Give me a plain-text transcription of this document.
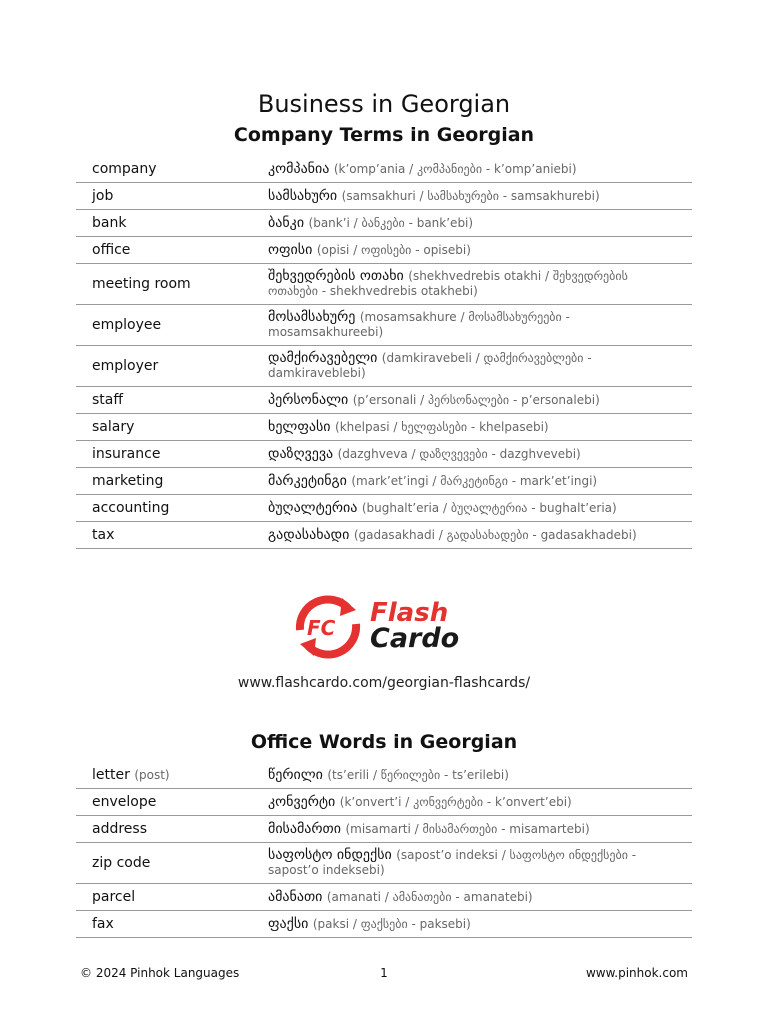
Business in Georgian
Company Terms in Georgian
company	კომპანია (k’omp’ania / კომპანიები - k’omp’aniebi)
job	სამსახური (samsakhuri / სამსახურები - samsakhurebi)
bank	ბანკი (bank’i / ბანკები - bank’ebi)
office	ოფისი (opisi / ოფისები - opisebi)
meeting room	შეხვედრების ოთახი (shekhvedrebis otakhi / შეხვედრების ოთახები - shekhvedrebis otakhebi)
employee	მოსამსახურე (mosamsakhure / მოსამსახურეები - mosamsakhureebi)
employer	დამქირავებელი (damkiravebeli / დამქირავებლები - damkiraveblebi)
staff	პერსონალი (p’ersonali / პერსონალები - p’ersonalebi)
salary	ხელფასი (khelpasi / ხელფასები - khelpasebi)
insurance	დაზღვევა (dazghveva / დაზღვევები - dazghvevebi)
marketing	მარკეტინგი (mark’et’ingi / მარკეტინგი - mark’et’ingi)
accounting	ბუღალტერია (bughalt’eria / ბუღალტერია - bughalt’eria)
tax	გადასახადი (gadasakhadi / გადასახადები - gadasakhadebi)
FC Flash
Cardo
www.flashcardo.com/georgian-flashcards/
Office Words in Georgian
letter (post)	წერილი (ts’erili / წერილები - ts’erilebi)
envelope	კონვერტი (k’onvert’i / კონვერტები - k’onvert’ebi)
address	მისამართი (misamarti / მისამართები - misamartebi)
zip code	საფოსტო ინდექსი (sapost’o indeksi / საფოსტო ინდექსები - sapost’o indeksebi)
parcel	ამანათი (amanati / ამანათები - amanatebi)
fax	ფაქსი (paksi / ფაქსები - paksebi)
© 2024 Pinhok Languages	1	www.pinhok.com
